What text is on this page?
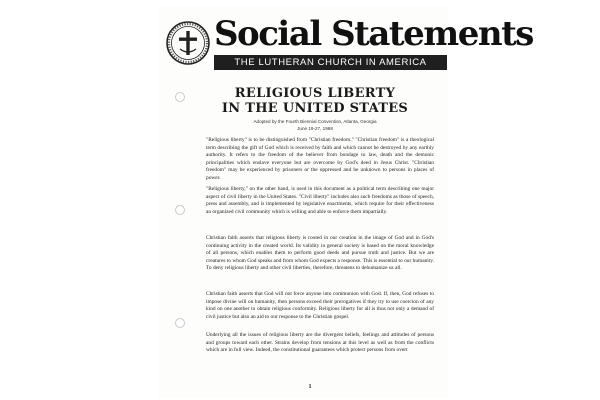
Social Statements
THE LUTHERAN CHURCH IN AMERICA
RELIGIOUS LIBERTY
IN THE UNITED STATES
Adopted by the Fourth Biennial Convention, Atlanta, Georgia
June 19-27, 1968
"Religious liberty" is to be distinguished from "Christian freedom." "Christian freedom" is a theological term describing the gift of God which is received by faith and which cannot be destroyed by any earthly authority. It refers to the freedom of the believer from bondage to law, death and the demonic principalities which enslave everyone but are overcome by God's deed in Jesus Christ. "Christian freedom" may be experienced by prisoners or the oppressed and be unknown to persons in places of power.
"Religious liberty," on the other hand, is used in this document as a political term describing one major aspect of civil liberty in the United States. "Civil liberty" includes also such freedoms as those of speech, press and assembly, and is implemented by legislative enactments, which require for their effectiveness an organized civil community which is willing and able to enforce them impartially.
Christian faith asserts that religious liberty is rooted in our creation in the image of God and in God's continuing activity in the created world. Its validity in general society is based on the moral knowledge of all persons, which enables them to perform good deeds and pursue truth and justice. But we are creatures to whom God speaks and from whom God expects a response. This is essential to our humanity. To deny religious liberty and other civil liberties, therefore, threatens to dehumanize us all.
Christian faith asserts that God will not force anyone into communion with God. If, then, God refuses to impose divine will on humanity, then persons exceed their prerogatives if they try to use coercion of any kind on one another to obtain religious conformity. Religious liberty for all is thus not only a demand of civil justice but also an aid to our response to the Christian gospel.
Underlying all the issues of religious liberty are the divergent beliefs, feelings and attitudes of persons and groups toward each other. Strains develop from tensions at this level as well as from the conflicts which are in full view. Indeed, the constitutional guarantees which protect persons from overt
1
